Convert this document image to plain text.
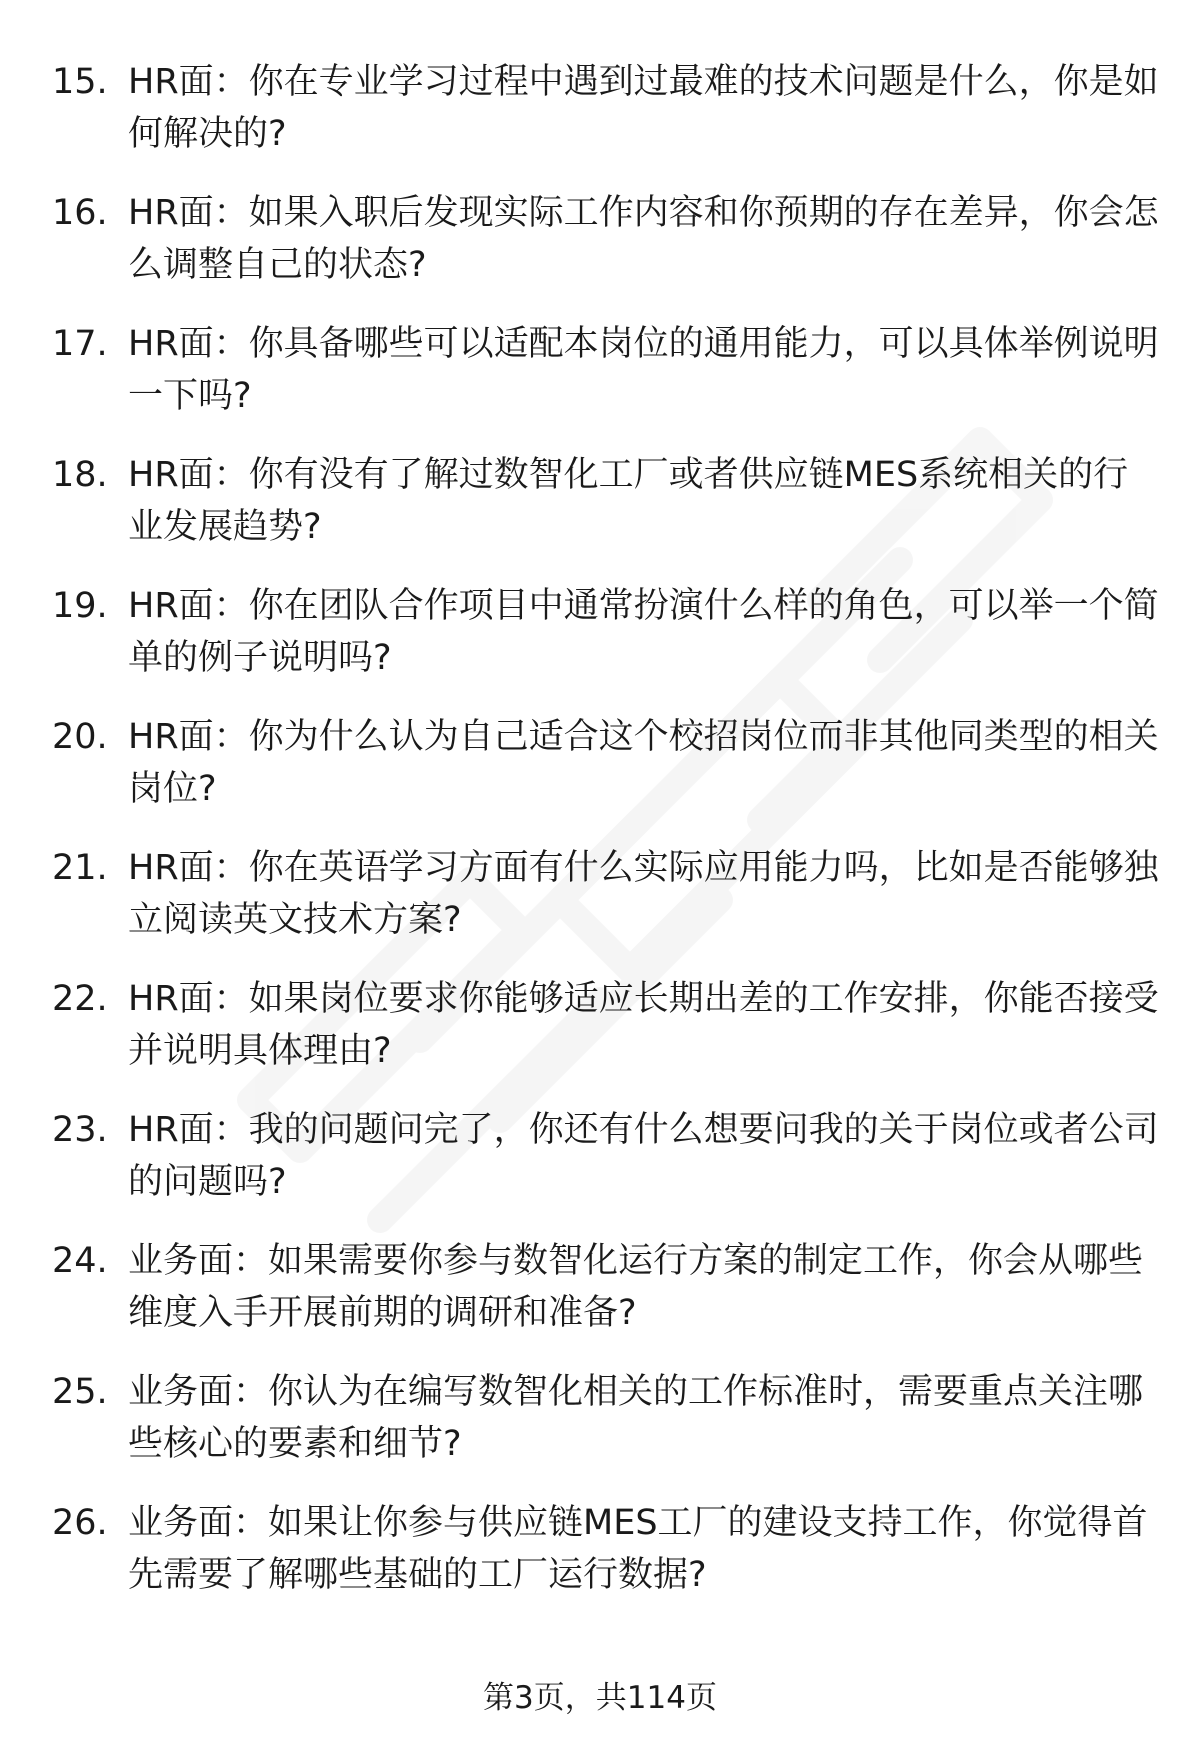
15. HR面：你在专业学习过程中遇到过最难的技术问题是什么，你是如何解决的?
16. HR面：如果入职后发现实际工作内容和你预期的存在差异，你会怎么调整自己的状态?
17. HR面：你具备哪些可以适配本岗位的通用能力，可以具体举例说明一下吗?
18. HR面：你有没有了解过数智化工厂或者供应链MES系统相关的行业发展趋势?
19. HR面：你在团队合作项目中通常扮演什么样的角色，可以举一个简单的例子说明吗?
20. HR面：你为什么认为自己适合这个校招岗位而非其他同类型的相关岗位?
21. HR面：你在英语学习方面有什么实际应用能力吗，比如是否能够独立阅读英文技术方案?
22. HR面：如果岗位要求你能够适应长期出差的工作安排，你能否接受并说明具体理由?
23. HR面：我的问题问完了，你还有什么想要问我的关于岗位或者公司的问题吗?
24. 业务面：如果需要你参与数智化运行方案的制定工作，你会从哪些维度入手开展前期的调研和准备?
25. 业务面：你认为在编写数智化相关的工作标准时，需要重点关注哪些核心的要素和细节?
26. 业务面：如果让你参与供应链MES工厂的建设支持工作，你觉得首先需要了解哪些基础的工厂运行数据?
第3页，共114页
